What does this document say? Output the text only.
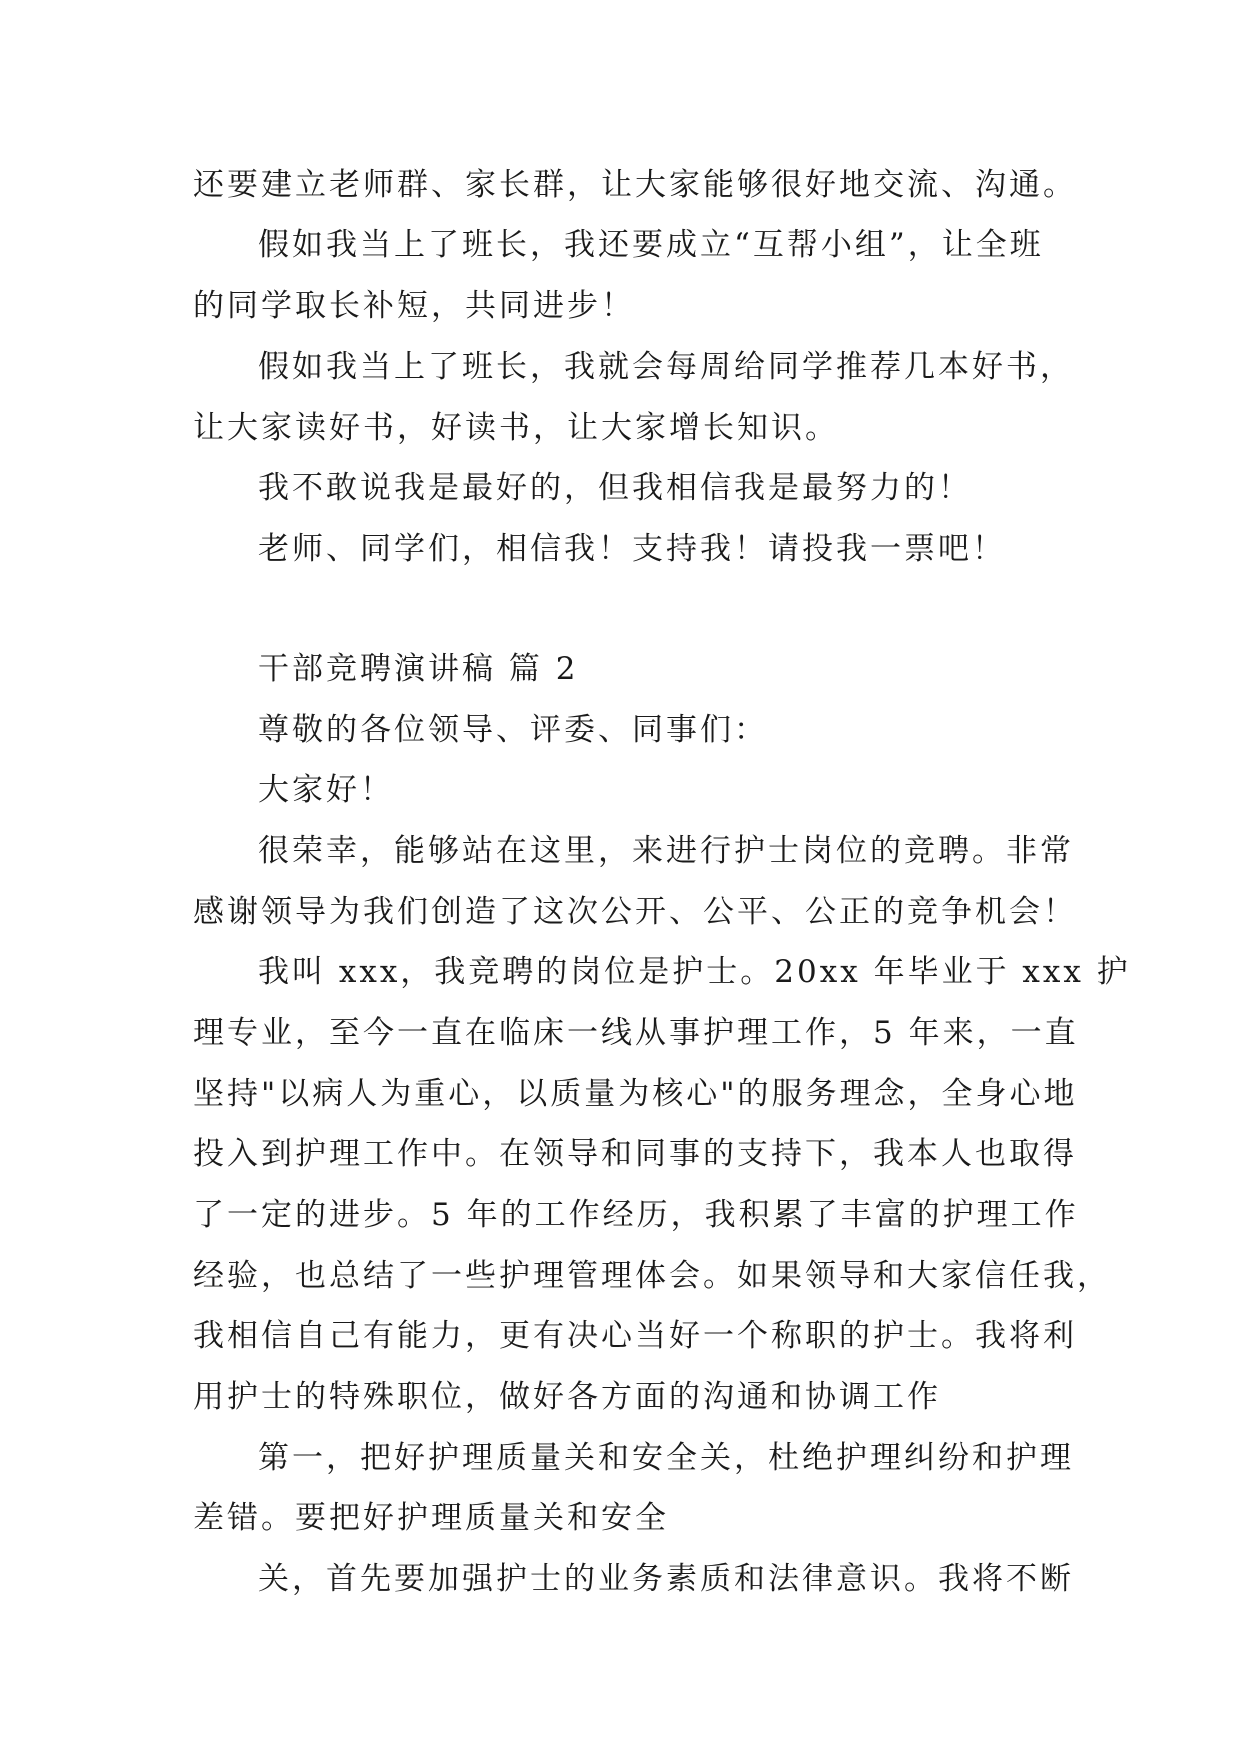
还要建立老师群、家长群，让大家能够很好地交流、沟通。
假如我当上了班长，我还要成立“互帮小组”，让全班
的同学取长补短，共同进步！
假如我当上了班长，我就会每周给同学推荐几本好书，
让大家读好书，好读书，让大家增长知识。
我不敢说我是最好的，但我相信我是最努力的！
老师、同学们，相信我！支持我！请投我一票吧！
干部竞聘演讲稿 篇 2
尊敬的各位领导、评委、同事们：
大家好！
很荣幸，能够站在这里，来进行护士岗位的竞聘。非常
感谢领导为我们创造了这次公开、公平、公正的竞争机会！
我叫 xxx，我竞聘的岗位是护士。20xx 年毕业于 xxx 护
理专业，至今一直在临床一线从事护理工作，5 年来，一直
坚持"以病人为重心，以质量为核心"的服务理念，全身心地
投入到护理工作中。在领导和同事的支持下，我本人也取得
了一定的进步。5 年的工作经历，我积累了丰富的护理工作
经验，也总结了一些护理管理体会。如果领导和大家信任我，
我相信自己有能力，更有决心当好一个称职的护士。我将利
用护士的特殊职位，做好各方面的沟通和协调工作
第一，把好护理质量关和安全关，杜绝护理纠纷和护理
差错。要把好护理质量关和安全
关，首先要加强护士的业务素质和法律意识。我将不断
